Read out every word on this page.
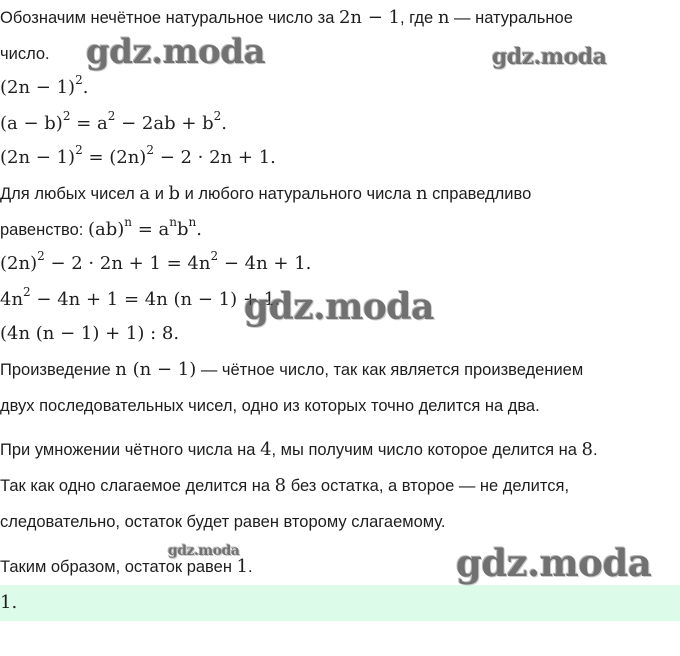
Обозначим нечётное натуральное число за 2n − 1, где n — натуральное
число.
$(2n - 1)^2$.
$(a - b)^2 = a^2 - 2ab + b^2$.
$(2n - 1)^2 = (2n)^2 - 2 \cdot 2n + 1$.
Для любых чисел a и b и любого натурального числа n справедливо
равенство: $(ab)^n = a^nb^n$.
$(2n)^2 - 2 \cdot 2n + 1 = 4n^2 - 4n + 1$.
$4n^2 - 4n + 1 = 4n$ (n − 1) + 1.
(4n (n − 1) + 1) : 8.
Произведение n (n − 1) — чётное число, так как является произведением
двух последовательных чисел, одно из которых точно делится на два.
При умножении чётного числа на 4, мы получим число которое делится на 8.
Так как одно слагаемое делится на 8 без остатка, а второе — не делится,
следовательно, остаток будет равен второму слагаемому.
Таким образом, остаток равен 1.
1.
gdz.moda	gdz.moda
gdz.moda
gdz.moda	gdz.moda
